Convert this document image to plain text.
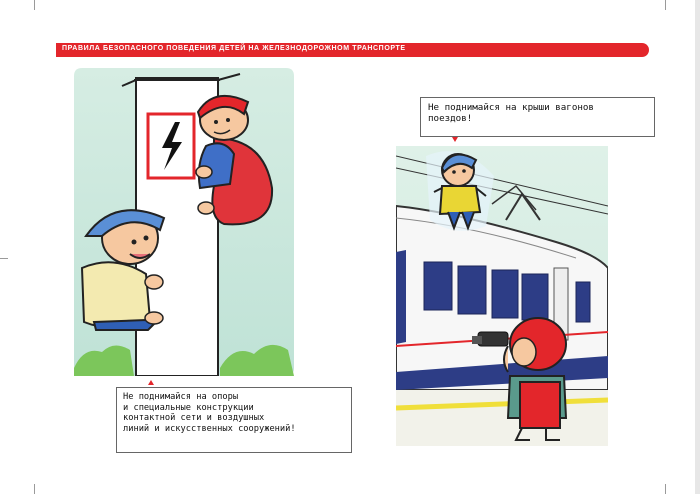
ПРАВИЛА БЕЗОПАСНОГО ПОВЕДЕНИЯ ДЕТЕЙ НА ЖЕЛЕЗНОДОРОЖНОМ ТРАНСПОРТЕ
Не поднимайся на опоры
и специальные конструкции
контактной сети и воздушных
линий и искусственных сооружений!
Не поднимайся на крыши вагонов
поездов!
